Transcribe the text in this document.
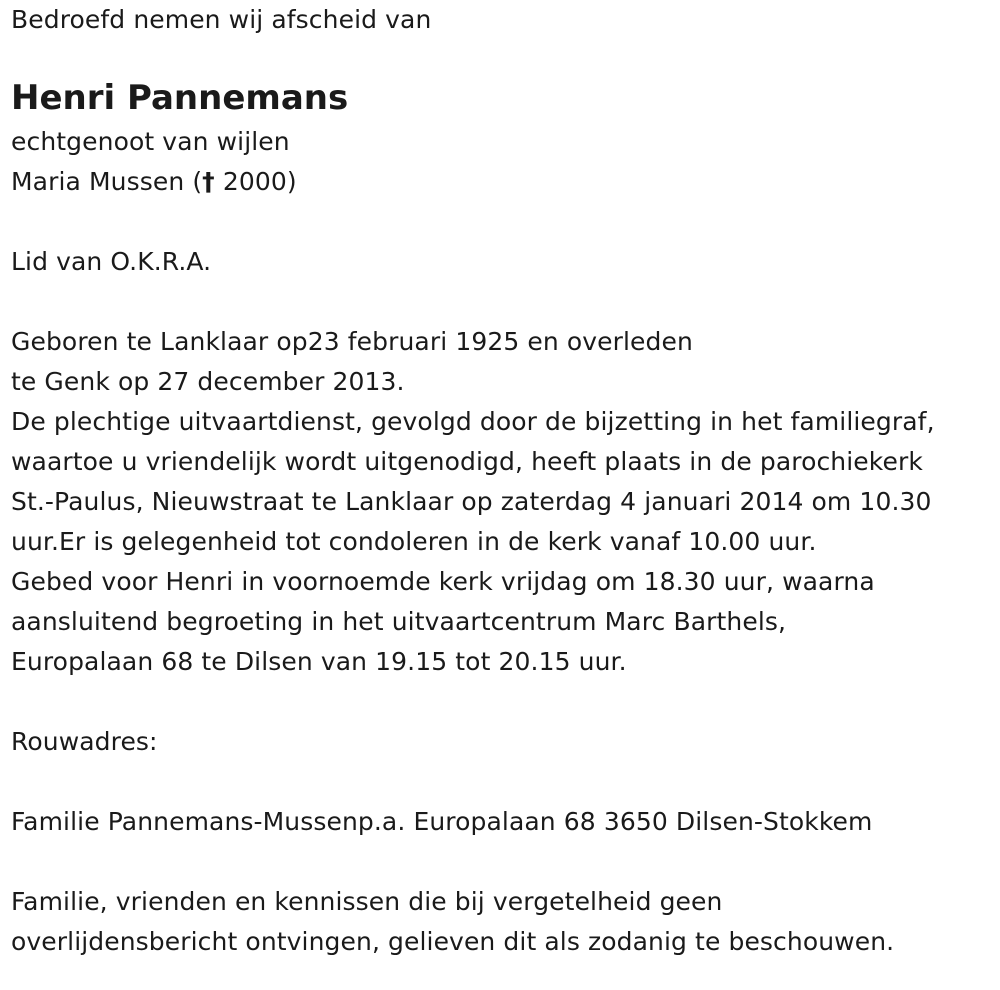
Bedroefd nemen wij afscheid van
Henri Pannemans
echtgenoot van wijlen
Maria Mussen († 2000)
Lid van O.K.R.A.
Geboren te Lanklaar op23 februari 1925 en overleden
te Genk op 27 december 2013.
De plechtige uitvaartdienst, gevolgd door de bijzetting in het familiegraf,
waartoe u vriendelijk wordt uitgenodigd, heeft plaats in de parochiekerk
St.-Paulus, Nieuwstraat te Lanklaar op zaterdag 4 januari 2014 om 10.30
uur.Er is gelegenheid tot condoleren in de kerk vanaf 10.00 uur.
Gebed voor Henri in voornoemde kerk vrijdag om 18.30 uur, waarna
aansluitend begroeting in het uitvaartcentrum Marc Barthels,
Europalaan 68 te Dilsen van 19.15 tot 20.15 uur.
Rouwadres:
Familie Pannemans-Mussenp.a. Europalaan 68 3650 Dilsen-Stokkem
Familie, vrienden en kennissen die bij vergetelheid geen
overlijdensbericht ontvingen, gelieven dit als zodanig te beschouwen.
